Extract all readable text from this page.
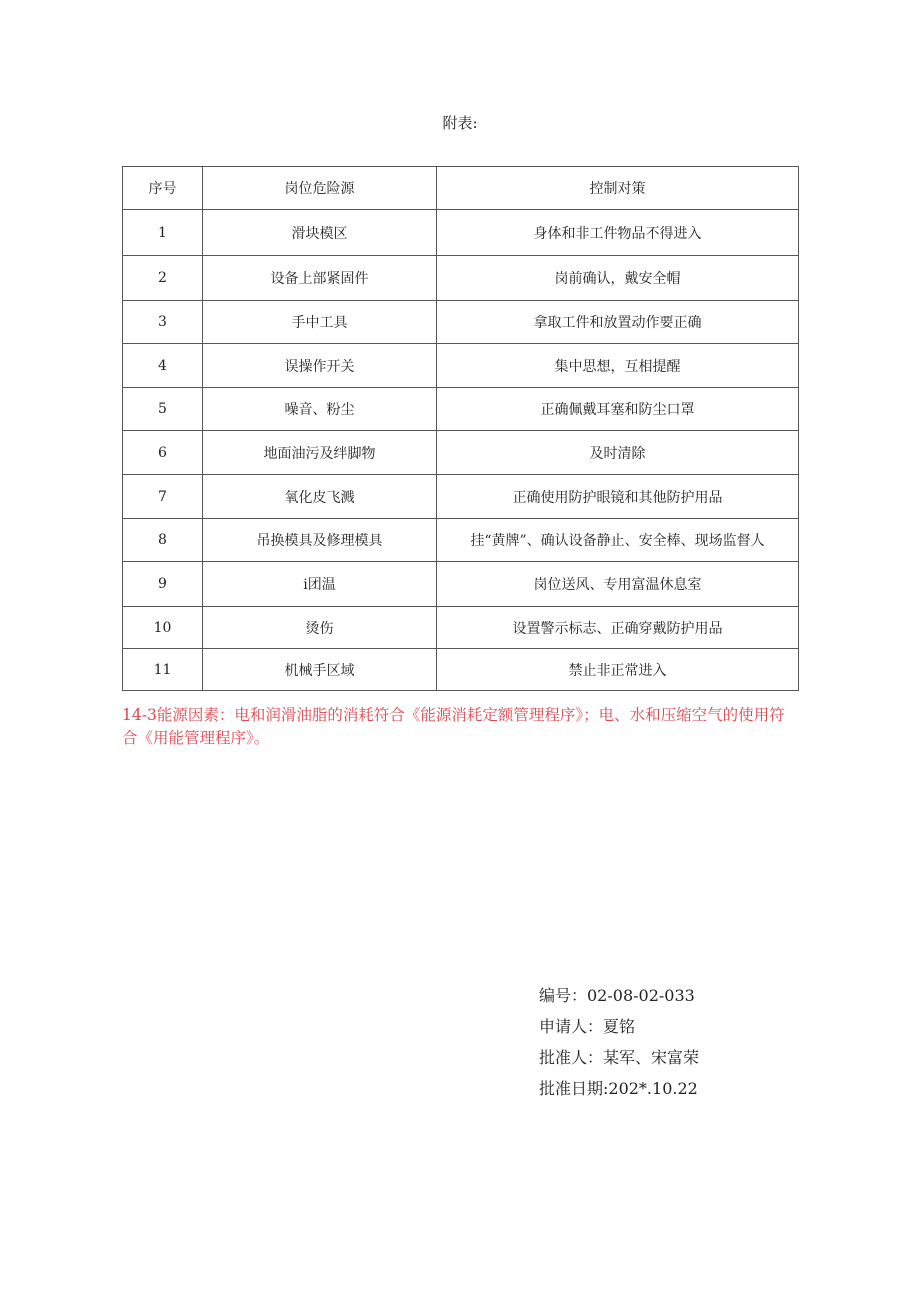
附表:
序号	岗位危险源	控制对策
1	滑块模区	身体和非工件物品不得进入
2	设备上部紧固件	岗前确认，戴安全帽
3	手中工具	拿取工件和放置动作要正确
4	误操作开关	集中思想，互相提醒
5	噪音、粉尘	正确佩戴耳塞和防尘口罩
6	地面油污及绊脚物	及时清除
7	氧化皮飞溅	正确使用防护眼镜和其他防护用品
8	吊换模具及修理模具	挂“黄牌”、确认设备静止、安全棒、现场监督人
9	i团温	岗位送风、专用富温休息室
10	烫伤	设置警示标志、正确穿戴防护用品
11	机械手区域	禁止非正常进入
14-3能源因素：电和润滑油脂的消耗符合《能源消耗定额管理程序》；电、水和压缩空气的使用符合《用能管理程序》。
编号：02-08-02-033
申请人：夏铭
批准人：某军、宋富荣
批准日期:202*.10.22
